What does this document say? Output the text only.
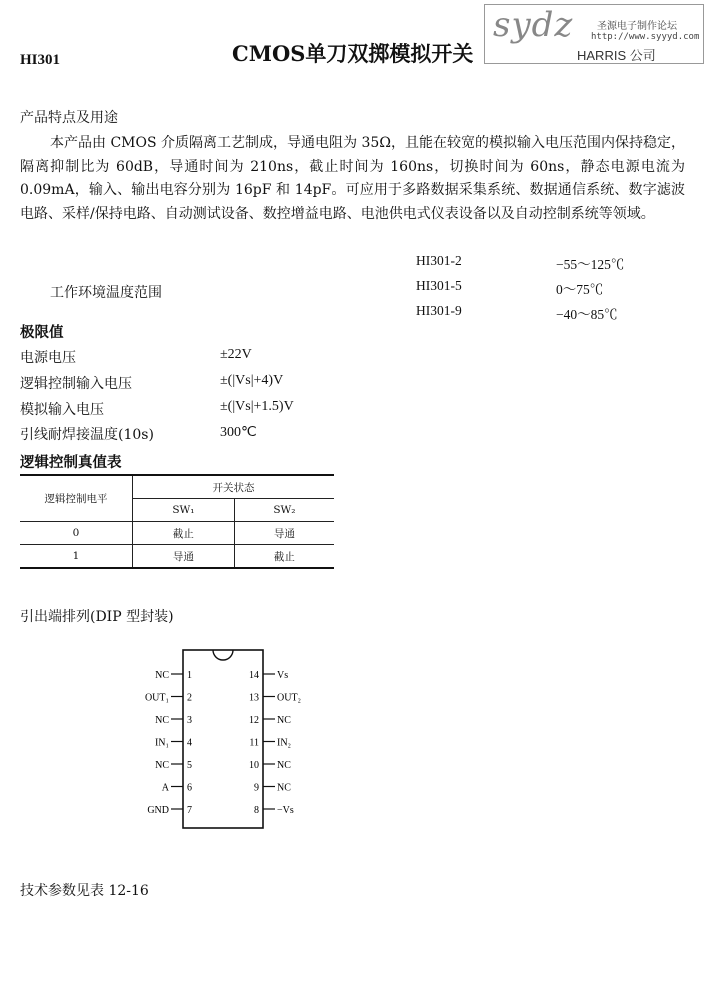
HI301	CMOS单刀双掷模拟开关
sydz 圣源电子制作论坛
http://www.syyyd.com
HARRIS 公司
产品特点及用途
本产品由 CMOS 介质隔离工艺制成，导通电阻为 35Ω，且能在较宽的模拟输入电压范围内保持稳定，隔离抑制比为 60dB，导通时间为 210ns，截止时间为 160ns，切换时间为 60ns，静态电源电流为 0.09mA，输入、输出电容分别为 16pF 和 14pF。可应用于多路数据采集系统、数据通信系统、数字滤波电路、采样/保持电路、自动测试设备、数控增益电路、电池供电式仪表设备以及自动控制系统等领域。
工作环境温度范围
HI301-2	−55～125℃
HI301-5	0～75℃
HI301-9	−40～85℃
极限值
电源电压	±22V
逻辑控制输入电压	±(|Vs|+4)V
模拟输入电压	±(|Vs|+1.5)V
引线耐焊接温度(10s)	300℃
逻辑控制真值表
逻辑控制电平	开关状态	
	SW₁	SW₂
0	截止	导通
1	导通	截止
引出端排列(DIP 型封装)
NC 1
OUT₁ 2
NC 3
IN₁ 4
NC 5
A 6
GND 7
14 Vs
13 OUT₂
12 NC
11 IN₂
10 NC
9 NC
8 −Vs
技术参数见表 12-16
